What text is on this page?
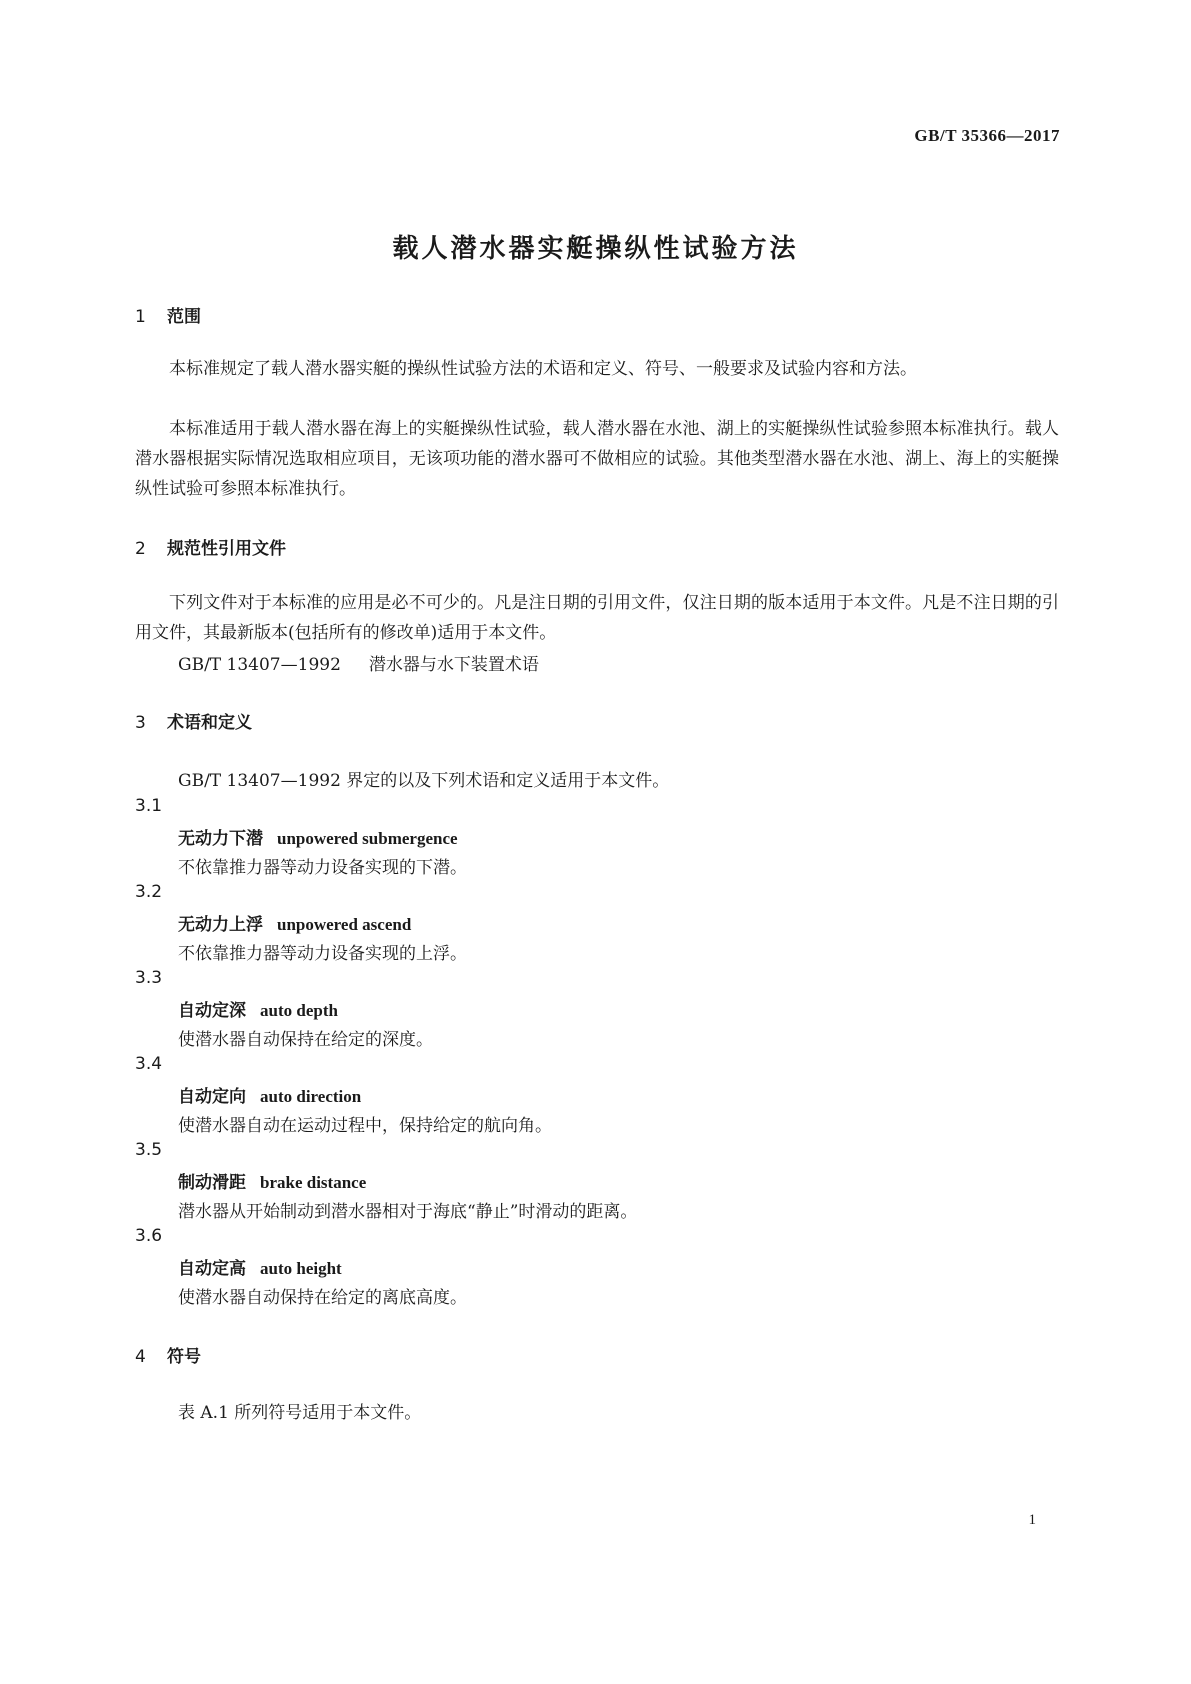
GB/T 35366—2017
载人潜水器实艇操纵性试验方法
1 范围
本标准规定了载人潜水器实艇的操纵性试验方法的术语和定义、符号、一般要求及试验内容和方法。
本标准适用于载人潜水器在海上的实艇操纵性试验，载人潜水器在水池、湖上的实艇操纵性试验参照本标准执行。载人潜水器根据实际情况选取相应项目，无该项功能的潜水器可不做相应的试验。其他类型潜水器在水池、湖上、海上的实艇操纵性试验可参照本标准执行。
2 规范性引用文件
下列文件对于本标准的应用是必不可少的。凡是注日期的引用文件，仅注日期的版本适用于本文件。凡是不注日期的引用文件，其最新版本(包括所有的修改单)适用于本文件。
GB/T 13407—1992 潜水器与水下装置术语
3 术语和定义
GB/T 13407—1992 界定的以及下列术语和定义适用于本文件。
3.1
无动力下潜 unpowered submergence
不依靠推力器等动力设备实现的下潜。
3.2
无动力上浮 unpowered ascend
不依靠推力器等动力设备实现的上浮。
3.3
自动定深 auto depth
使潜水器自动保持在给定的深度。
3.4
自动定向 auto direction
使潜水器自动在运动过程中，保持给定的航向角。
3.5
制动滑距 brake distance
潜水器从开始制动到潜水器相对于海底“静止”时滑动的距离。
3.6
自动定高 auto height
使潜水器自动保持在给定的离底高度。
4 符号
表 A.1 所列符号适用于本文件。
1
